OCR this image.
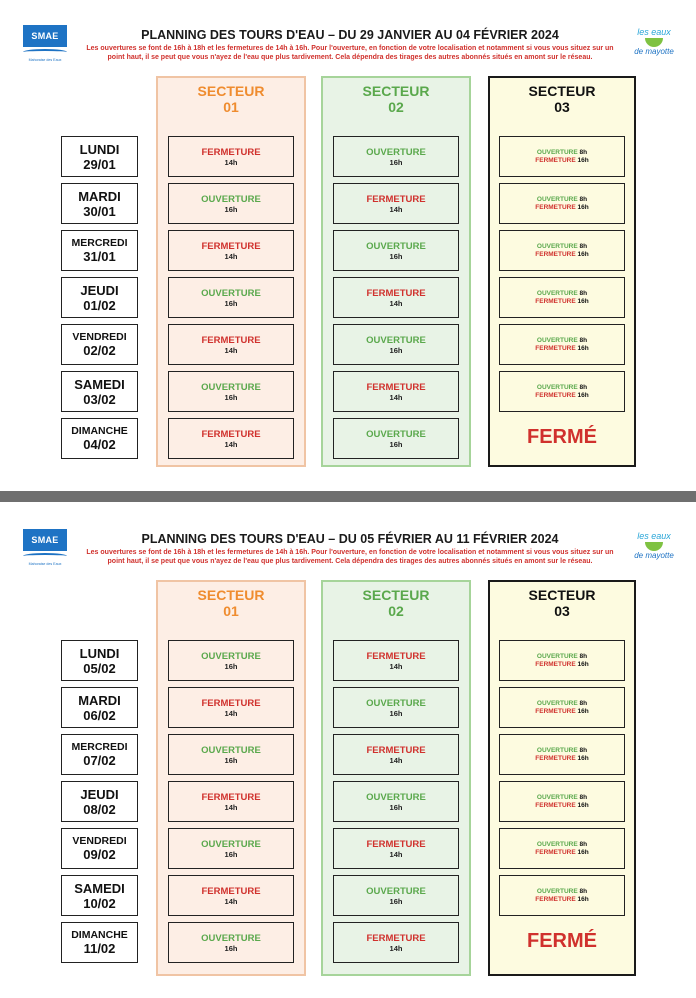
SMAE
Mahoraise des Eaux
les eaux
de mayotte
PLANNING DES TOURS D'EAU – DU 29 JANVIER AU 04 FÉVRIER 2024
Les ouvertures se font de 16h à 18h et les fermetures de 14h à 16h. Pour l'ouverture, en fonction de votre localisation et notamment si vous vous situez sur un point haut, il se peut que vous n'ayez de l'eau que plus tardivement. Cela dépendra des tirages des autres abonnés situés en amont sur le réseau.
SECTEUR
01
SECTEUR
02
SECTEUR
03
LUNDI
29/01
FERMETURE
14h
OUVERTURE
16h
OUVERTURE 8h
FERMETURE 16h
MARDI
30/01
OUVERTURE
16h
FERMETURE
14h
OUVERTURE 8h
FERMETURE 16h
MERCREDI
31/01
FERMETURE
14h
OUVERTURE
16h
OUVERTURE 8h
FERMETURE 16h
JEUDI
01/02
OUVERTURE
16h
FERMETURE
14h
OUVERTURE 8h
FERMETURE 16h
VENDREDI
02/02
FERMETURE
14h
OUVERTURE
16h
OUVERTURE 8h
FERMETURE 16h
SAMEDI
03/02
OUVERTURE
16h
FERMETURE
14h
OUVERTURE 8h
FERMETURE 16h
DIMANCHE
04/02
FERMETURE
14h
OUVERTURE
16h	FERMÉ
SMAE
Mahoraise des Eaux
les eaux
de mayotte
PLANNING DES TOURS D'EAU – DU 05 FÉVRIER AU 11 FÉVRIER 2024
Les ouvertures se font de 16h à 18h et les fermetures de 14h à 16h. Pour l'ouverture, en fonction de votre localisation et notamment si vous vous situez sur un point haut, il se peut que vous n'ayez de l'eau que plus tardivement. Cela dépendra des tirages des autres abonnés situés en amont sur le réseau.
SECTEUR
01
SECTEUR
02
SECTEUR
03
LUNDI
05/02
OUVERTURE
16h
FERMETURE
14h
OUVERTURE 8h
FERMETURE 16h
MARDI
06/02
FERMETURE
14h
OUVERTURE
16h
OUVERTURE 8h
FERMETURE 16h
MERCREDI
07/02
OUVERTURE
16h
FERMETURE
14h
OUVERTURE 8h
FERMETURE 16h
JEUDI
08/02
FERMETURE
14h
OUVERTURE
16h
OUVERTURE 8h
FERMETURE 16h
VENDREDI
09/02
OUVERTURE
16h
FERMETURE
14h
OUVERTURE 8h
FERMETURE 16h
SAMEDI
10/02
FERMETURE
14h
OUVERTURE
16h
OUVERTURE 8h
FERMETURE 16h
DIMANCHE
11/02
OUVERTURE
16h
FERMETURE
14h	FERMÉ
